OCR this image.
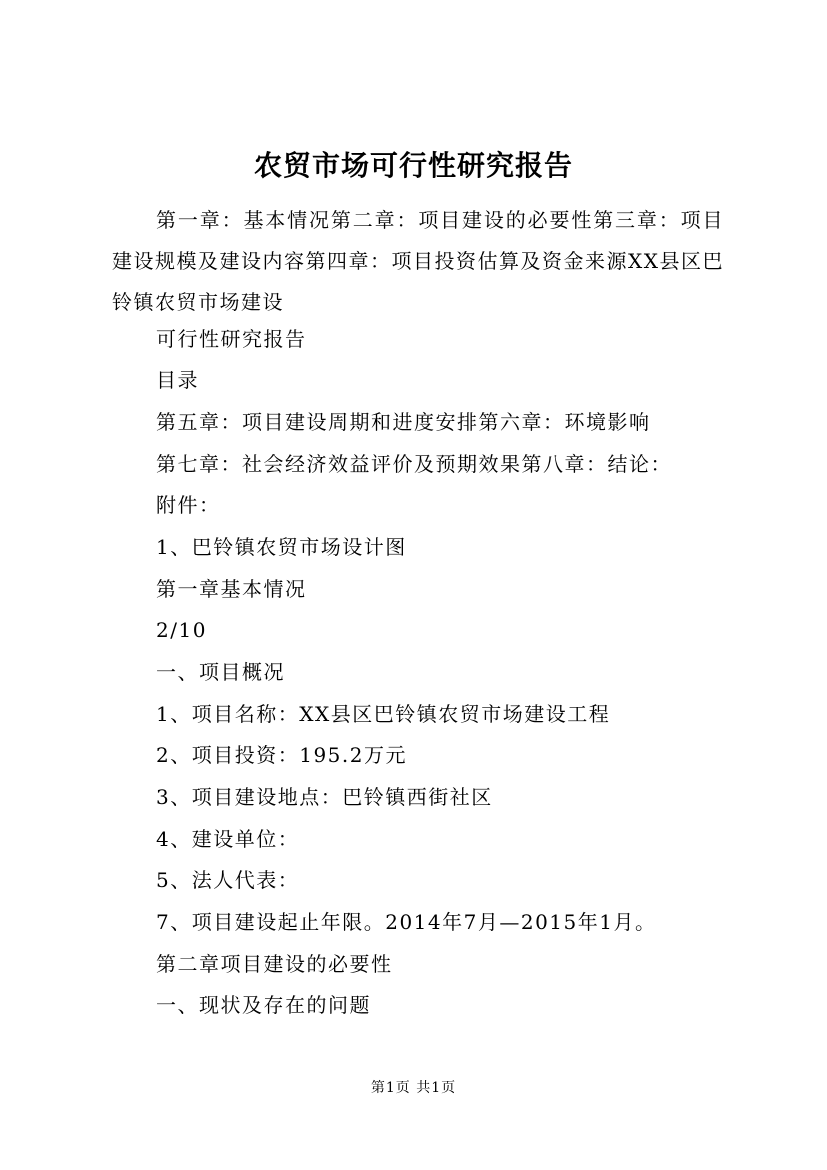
农贸市场可行性研究报告
第一章：基本情况第二章：项目建设的必要性第三章：项目建设规模及建设内容第四章：项目投资估算及资金来源XX县区巴铃镇农贸市场建设
可行性研究报告
目录
第五章：项目建设周期和进度安排第六章：环境影响
第七章：社会经济效益评价及预期效果第八章：结论：
附件：
1、巴铃镇农贸市场设计图
第一章基本情况
2/10
一、项目概况
1、项目名称：XX县区巴铃镇农贸市场建设工程
2、项目投资：195.2万元
3、项目建设地点：巴铃镇西街社区
4、建设单位：
5、法人代表：
7、项目建设起止年限。2014年7月—2015年1月。
第二章项目建设的必要性
一、现状及存在的问题
第1页 共1页
